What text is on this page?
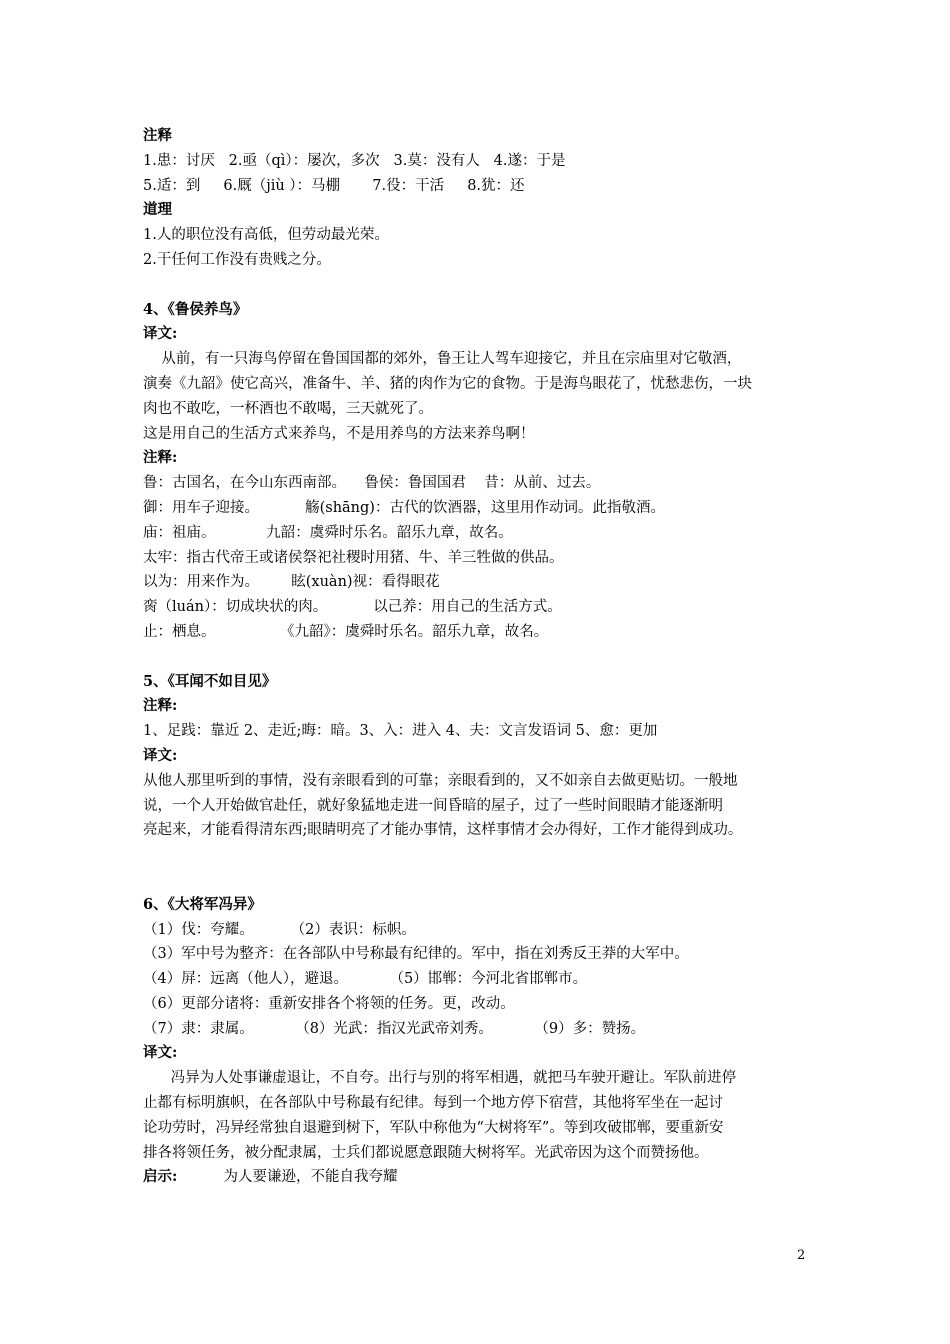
注释
1.患：讨厌   2.亟（qì）：屡次，多次   3.莫：没有人   4.遂：于是
5.适：到     6.厩（jiù ）：马棚       7.役：干活     8.犹：还
道理
1.人的职位没有高低，但劳动最光荣。
2.干任何工作没有贵贱之分。
4、《鲁侯养鸟》
译文:
从前，有一只海鸟停留在鲁国国都的郊外，鲁王让人驾车迎接它，并且在宗庙里对它敬酒，
演奏《九韶》使它高兴，准备牛、羊、猪的肉作为它的食物。于是海鸟眼花了，忧愁悲伤，一块
肉也不敢吃，一杯酒也不敢喝，三天就死了。
这是用自己的生活方式来养鸟，不是用养鸟的方法来养鸟啊！
注释:
鲁：古国名，在今山东西南部。    鲁侯：鲁国国君    昔：从前、过去。
御：用车子迎接。          觞(shāng)：古代的饮酒器，这里用作动词。此指敬酒。
庙：祖庙。           九韶：虞舜时乐名。韶乐九章，故名。
太牢：指古代帝王或诸侯祭祀社稷时用猪、牛、羊三牲做的供品。
以为：用来作为。       眩(xuàn)视：看得眼花
脔（luán）：切成块状的肉。          以己养：用自己的生活方式。
止：栖息。              《九韶》：虞舜时乐名。韶乐九章，故名。
5、《耳闻不如目见》
注释:
1、足践：靠近 2、走近;晦：暗。3、入：进入 4、夫：文言发语词 5、愈：更加
译文:
从他人那里听到的事情，没有亲眼看到的可靠；亲眼看到的，又不如亲自去做更贴切。一般地
说，一个人开始做官赴任，就好象猛地走进一间昏暗的屋子，过了一些时间眼睛才能逐渐明
亮起来，才能看得清东西;眼睛明亮了才能办事情，这样事情才会办得好，工作才能得到成功。
6、《大将军冯异》
（1）伐：夸耀。        （2）表识：标帜。
（3）军中号为整齐：在各部队中号称最有纪律的。军中，指在刘秀反王莽的大军中。
（4）屏：远离（他人），避退。         （5）邯郸：今河北省邯郸市。
（6）更部分诸将：重新安排各个将领的任务。更，改动。
（7）隶：隶属。         （8）光武：指汉光武帝刘秀。         （9）多：赞扬。
译文:
冯异为人处事谦虚退让，不自夸。出行与别的将军相遇，就把马车驶开避让。军队前进停
止都有标明旗帜，在各部队中号称最有纪律。每到一个地方停下宿营，其他将军坐在一起讨
论功劳时，冯异经常独自退避到树下，军队中称他为“大树将军”。等到攻破邯郸，要重新安
排各将领任务，被分配隶属，士兵们都说愿意跟随大树将军。光武帝因为这个而赞扬他。
启示:          为人要谦逊，不能自我夸耀
2
